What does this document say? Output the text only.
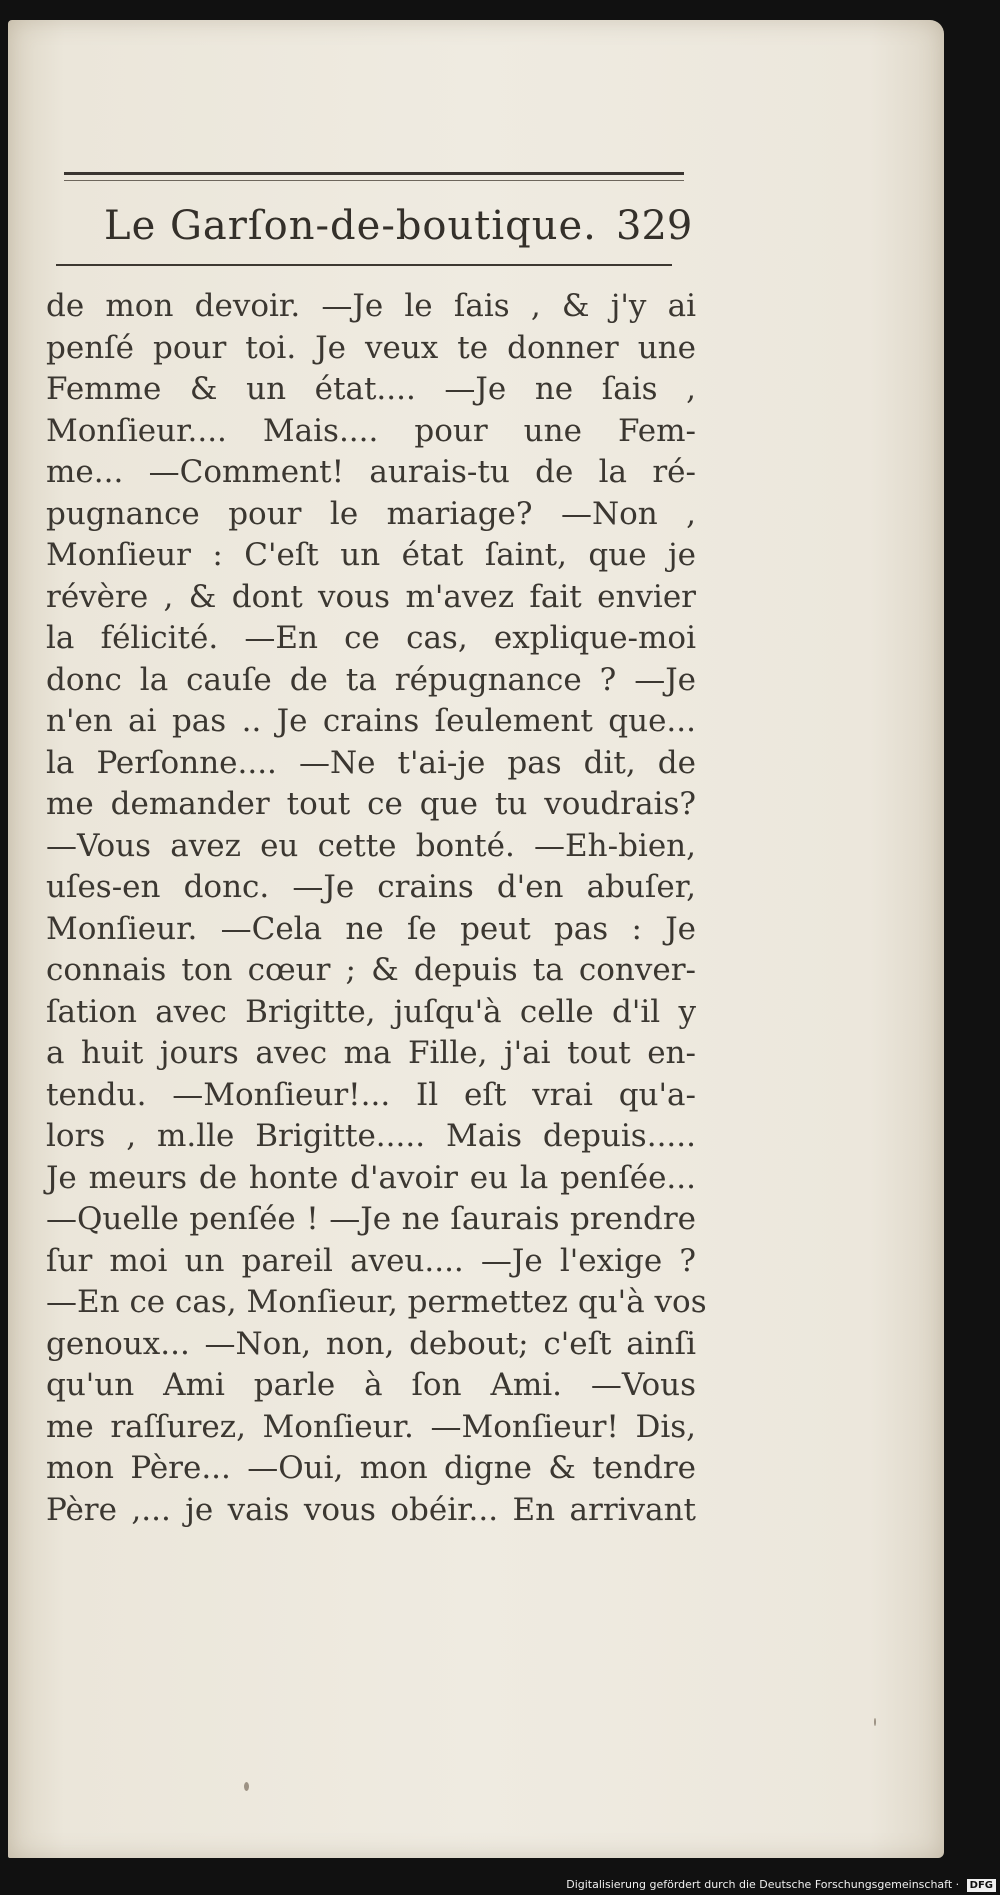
Le Garſon-de-boutique. 329
de mon devoir. —Je le ſais , & j'y ai
penſé pour toi. Je veux te donner une
Femme & un état.... —Je ne ſais ,
Monſieur.... Mais.... pour une Fem-
me... —Comment! aurais-tu de la ré-
pugnance pour le mariage? —Non ,
Monſieur : C'eſt un état ſaint, que je
révère , & dont vous m'avez fait envier
la félicité. —En ce cas, explique-moi
donc la cauſe de ta répugnance ? —Je
n'en ai pas .. Je crains ſeulement que...
la Perſonne.... —Ne t'ai-je pas dit, de
me demander tout ce que tu voudrais?
—Vous avez eu cette bonté. —Eh-bien,
uſes-en donc. —Je crains d'en abuſer,
Monſieur. —Cela ne ſe peut pas : Je
connais ton cœur ; & depuis ta conver-
ſation avec Brigitte, juſqu'à celle d'il y
a huit jours avec ma Fille, j'ai tout en-
tendu. —Monſieur!... Il eſt vrai qu'a-
lors , m.lle Brigitte..... Mais depuis.....
Je meurs de honte d'avoir eu la penſée...
—Quelle penſée ! —Je ne ſaurais prendre
ſur moi un pareil aveu.... —Je l'exige ?
—En ce cas, Monſieur, permettez qu'à vos
genoux... —Non, non, debout; c'eſt ainſi
qu'un Ami parle à ſon Ami. —Vous
me raſſurez, Monſieur. —Monſieur! Dis,
mon Père... —Oui, mon digne & tendre
Père ,... je vais vous obéir... En arrivant
Digitalisierung gefördert durch die Deutsche Forschungsgemeinschaft · DFG
